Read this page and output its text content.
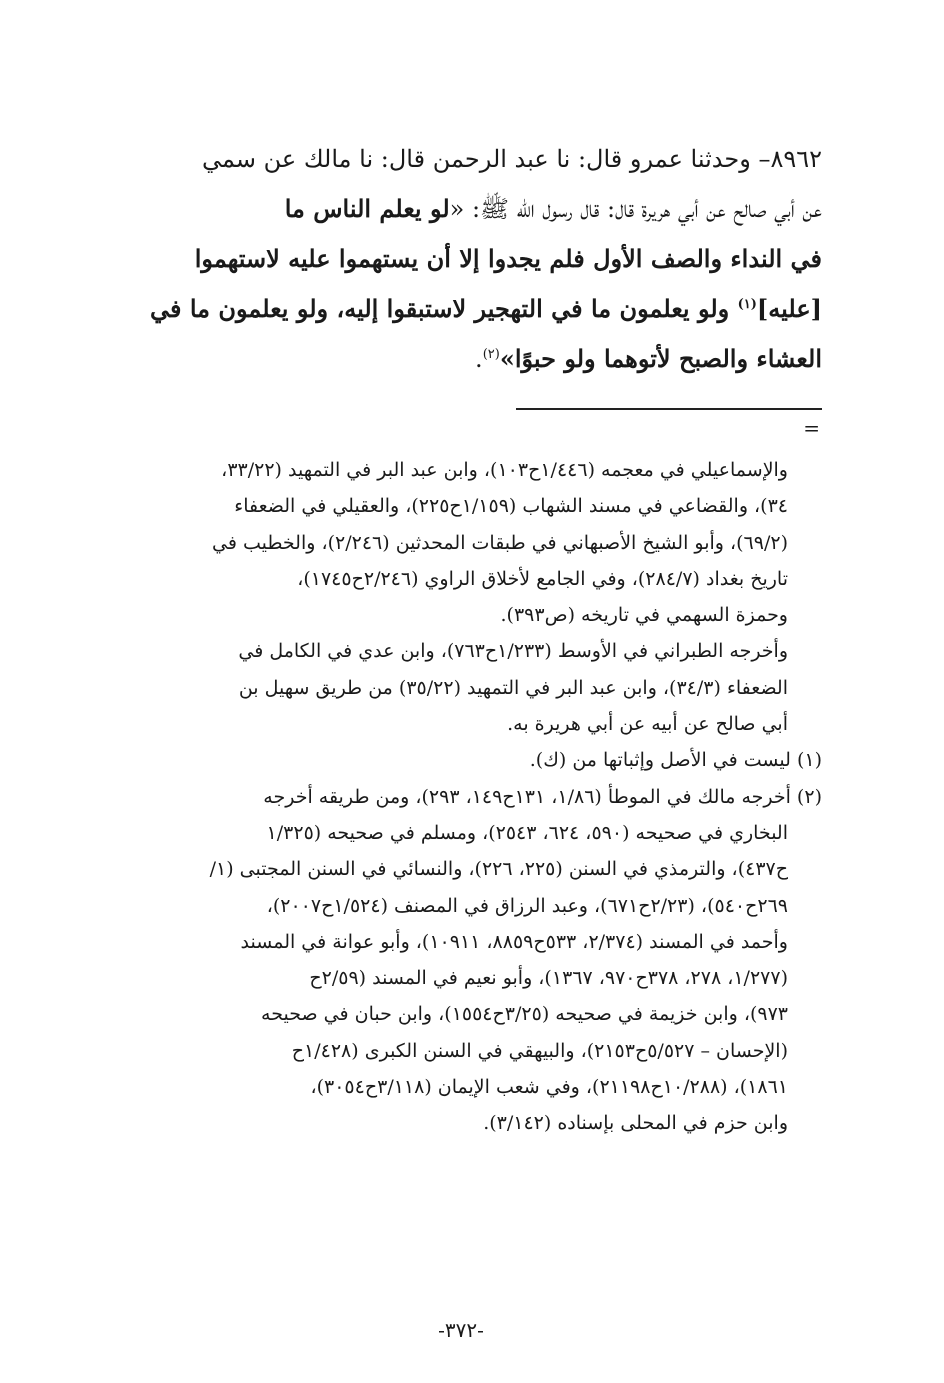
٨٩٦٢– وحدثنا عمرو قال: نا عبد الرحمن قال: نا مالك عن سمي
عن أبي صالح عن أبي هريرة قال: قال رسول الله ﷺ: «لو يعلم الناس ما
في النداء والصف الأول فلم يجدوا إلا أن يستهموا عليه لاستهموا
[عليه]$^{(١)}$ ولو يعلمون ما في التهجير لاستبقوا إليه، ولو يعلمون ما في
العشاء والصبح لأتوهما ولو حبوًا»$^{(٢)}$.
=
والإسماعيلي في معجمه (١/٤٤٦ح١٠٣)، وابن عبد البر في التمهيد (٣٣/٢٢،
٣٤)، والقضاعي في مسند الشهاب (١/١٥٩ح٢٢٥)، والعقيلي في الضعفاء
(٦٩/٢)، وأبو الشيخ الأصبهاني في طبقات المحدثين (٢/٢٤٦)، والخطيب في
تاريخ بغداد (٢٨٤/٧)، وفي الجامع لأخلاق الراوي (٢/٢٤٦ح١٧٤٥)،
وحمزة السهمي في تاريخه (ص٣٩٣).
وأخرجه الطبراني في الأوسط (١/٢٣٣ح٧٦٣)، وابن عدي في الكامل في
الضعفاء (٣٤/٣)، وابن عبد البر في التمهيد (٣٥/٢٢) من طريق سهيل بن
أبي صالح عن أبيه عن أبي هريرة به.
(١) ليست في الأصل وإثباتها من (ك).
(٢) أخرجه مالك في الموطأ (١/٨٦، ١٣١ح١٤٩، ٢٩٣)، ومن طريقه أخرجه
البخاري في صحيحه (٥٩٠، ٦٢٤، ٢٥٤٣)، ومسلم في صحيحه (١/٣٢٥
ح٤٣٧)، والترمذي في السنن (٢٢٥، ٢٢٦)، والنسائي في السنن المجتبى (١/
٢٦٩ح٥٤٠)، (٢/٢٣ح٦٧١)، وعبد الرزاق في المصنف (١/٥٢٤ح٢٠٠٧)،
وأحمد في المسند (٢/٣٧٤، ٥٣٣ح٨٨٥٩، ١٠٩١١)، وأبو عوانة في المسند
(١/٢٧٧، ٢٧٨، ٣٧٨ح٩٧٠، ١٣٦٧)، وأبو نعيم في المسند (٢/٥٩ح
٩٧٣)، وابن خزيمة في صحيحه (٣/٢٥ح١٥٥٤)، وابن حبان في صحيحه
(الإحسان – ٥/٥٢٧ح٢١٥٣)، والبيهقي في السنن الكبرى (١/٤٢٨ح
١٨٦١)، (١٠/٢٨٨ح٢١١٩٨)، وفي شعب الإيمان (٣/١١٨ح٣٠٥٤)،
وابن حزم في المحلى بإسناده (٣/١٤٢).
-٣٧٢-
